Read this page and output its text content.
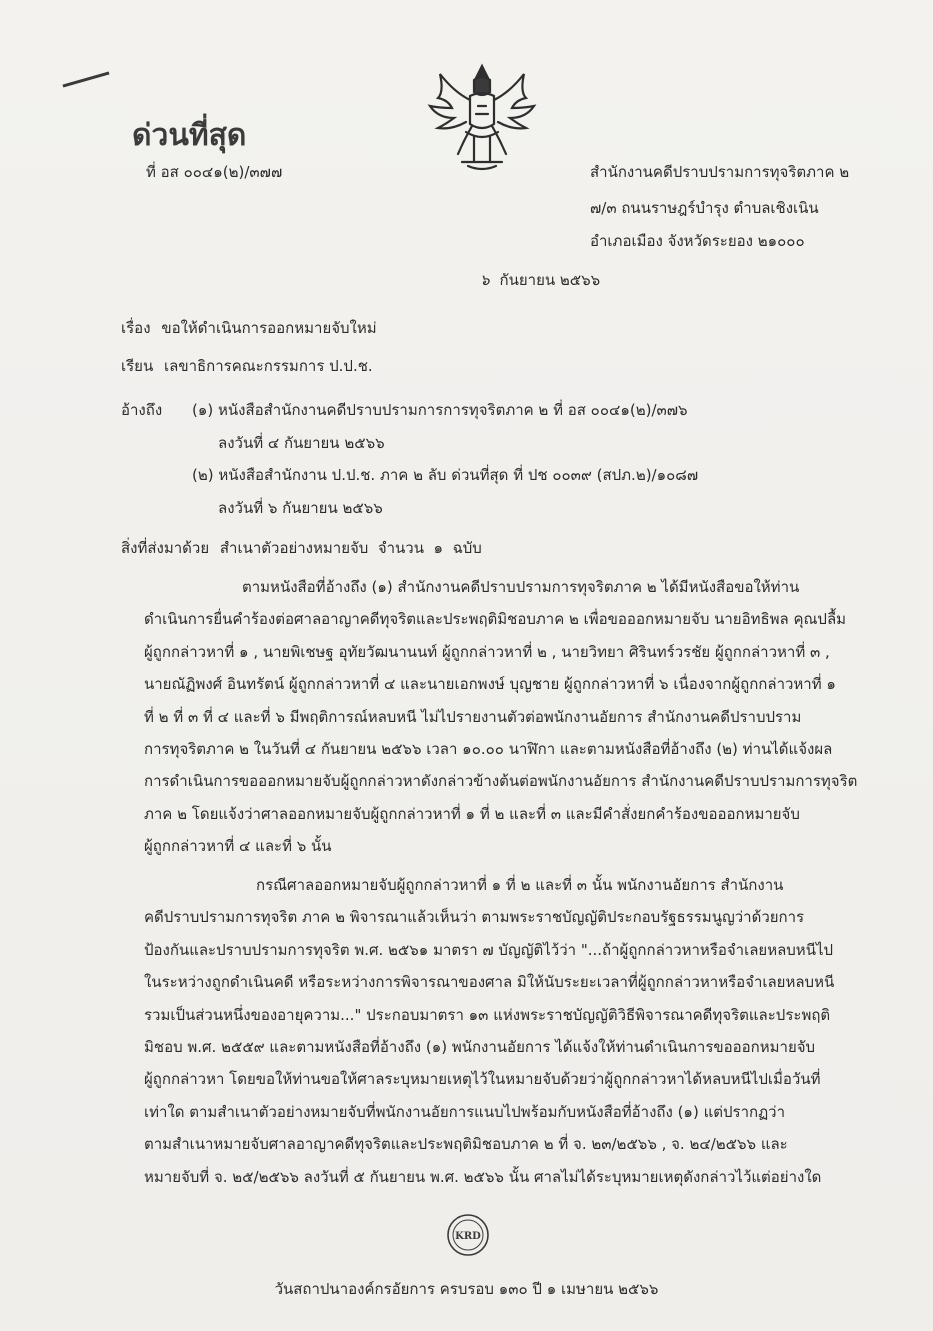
ด่วนที่สุด
ที่ อส ๐๐๔๑(๒)/๓๗๗	สำนักงานคดีปราบปรามการทุจริตภาค ๒
๗/๓ ถนนราษฎร์บำรุง ตำบลเชิงเนิน
อำเภอเมือง จังหวัดระยอง ๒๑๐๐๐
๖ กันยายน ๒๕๖๖
เรื่อง ขอให้ดำเนินการออกหมายจับใหม่
เรียน เลขาธิการคณะกรรมการ ป.ป.ช.
อ้างถึง (๑) หนังสือสำนักงานคดีปราบปรามการการทุจริตภาค ๒ ที่ อส ๐๐๔๑(๒)/๓๗๖
ลงวันที่ ๔ กันยายน ๒๕๖๖
(๒) หนังสือสำนักงาน ป.ป.ช. ภาค ๒ ลับ ด่วนที่สุด ที่ ปช ๐๐๓๙ (สปภ.๒)/๑๐๘๗
ลงวันที่ ๖ กันยายน ๒๕๖๖
สิ่งที่ส่งมาด้วย สำเนาตัวอย่างหมายจับ  จำนวน  ๑  ฉบับ
ตามหนังสือที่อ้างถึง (๑) สำนักงานคดีปราบปรามการทุจริตภาค ๒ ได้มีหนังสือขอให้ท่าน
ดำเนินการยื่นคำร้องต่อศาลอาญาคดีทุจริตและประพฤติมิชอบภาค ๒ เพื่อขอออกหมายจับ นายอิทธิพล คุณปลื้ม
ผู้ถูกกล่าวหาที่ ๑ , นายพิเชษฐ อุทัยวัฒนานนท์ ผู้ถูกกล่าวหาที่ ๒ , นายวิทยา ศิรินทร์วรชัย ผู้ถูกกล่าวหาที่ ๓ ,
นายณัฏิพงศ์ อินทรัตน์ ผู้ถูกกล่าวหาที่ ๔ และนายเอกพงษ์ บุญชาย ผู้ถูกกล่าวหาที่ ๖ เนื่องจากผู้ถูกกล่าวหาที่ ๑
ที่ ๒ ที่ ๓ ที่ ๔ และที่ ๖ มีพฤติการณ์หลบหนี ไม่ไปรายงานตัวต่อพนักงานอัยการ สำนักงานคดีปราบปราม
การทุจริตภาค ๒ ในวันที่ ๔ กันยายน ๒๕๖๖ เวลา ๑๐.๐๐ นาฬิกา และตามหนังสือที่อ้างถึง (๒) ท่านได้แจ้งผล
การดำเนินการขอออกหมายจับผู้ถูกกล่าวหาดังกล่าวข้างต้นต่อพนักงานอัยการ สำนักงานคดีปราบปรามการทุจริต
ภาค ๒ โดยแจ้งว่าศาลออกหมายจับผู้ถูกกล่าวหาที่ ๑ ที่ ๒ และที่ ๓ และมีคำสั่งยกคำร้องขอออกหมายจับ
ผู้ถูกกล่าวหาที่ ๔ และที่ ๖ นั้น
กรณีศาลออกหมายจับผู้ถูกกล่าวหาที่ ๑ ที่ ๒ และที่ ๓ นั้น พนักงานอัยการ สำนักงาน
คดีปราบปรามการทุจริต ภาค ๒ พิจารณาแล้วเห็นว่า ตามพระราชบัญญัติประกอบรัฐธรรมนูญว่าด้วยการ
ป้องกันและปราบปรามการทุจริต พ.ศ. ๒๕๖๑ มาตรา ๗ บัญญัติไว้ว่า "...ถ้าผู้ถูกกล่าวหาหรือจำเลยหลบหนีไป
ในระหว่างถูกดำเนินคดี หรือระหว่างการพิจารณาของศาล มิให้นับระยะเวลาที่ผู้ถูกกล่าวหาหรือจำเลยหลบหนี
รวมเป็นส่วนหนึ่งของอายุความ..." ประกอบมาตรา ๑๓ แห่งพระราชบัญญัติวิธีพิจารณาคดีทุจริตและประพฤติ
มิชอบ พ.ศ. ๒๕๕๙ และตามหนังสือที่อ้างถึง (๑) พนักงานอัยการ ได้แจ้งให้ท่านดำเนินการขอออกหมายจับ
ผู้ถูกกล่าวหา โดยขอให้ท่านขอให้ศาลระบุหมายเหตุไว้ในหมายจับด้วยว่าผู้ถูกกล่าวหาได้หลบหนีไปเมื่อวันที่
เท่าใด ตามสำเนาตัวอย่างหมายจับที่พนักงานอัยการแนบไปพร้อมกับหนังสือที่อ้างถึง (๑) แต่ปรากฏว่า
ตามสำเนาหมายจับศาลอาญาคดีทุจริตและประพฤติมิชอบภาค ๒ ที่ จ. ๒๓/๒๕๖๖ , จ. ๒๔/๒๕๖๖ และ
หมายจับที่ จ. ๒๕/๒๕๖๖ ลงวันที่ ๕ กันยายน พ.ศ. ๒๕๖๖ นั้น ศาลไม่ได้ระบุหมายเหตุดังกล่าวไว้แต่อย่างใด
KRD
วันสถาปนาองค์กรอัยการ ครบรอบ ๑๓๐ ปี ๑ เมษายน ๒๕๖๖
